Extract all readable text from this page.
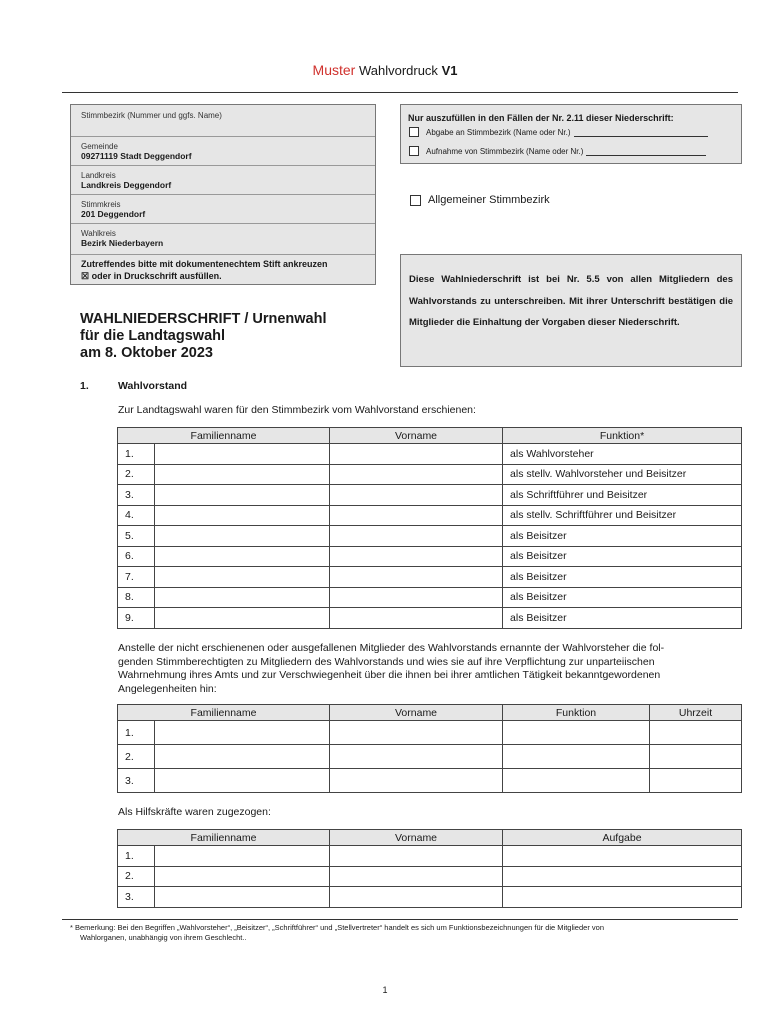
Muster Wahlvordruck V1
Stimmbezirk (Nummer und ggfs. Name)
Gemeinde
09271119 Stadt Deggendorf
Landkreis
Landkreis Deggendorf
Stimmkreis
201 Deggendorf
Wahlkreis
Bezirk Niederbayern
Zutreffendes bitte mit dokumentenechtem Stift ankreuzen
☒ oder in Druckschrift ausfüllen.
Nur auszufüllen in den Fällen der Nr. 2.11 dieser Niederschrift:
Abgabe an Stimmbezirk (Name oder Nr.)
Aufnahme von Stimmbezirk (Name oder Nr.)
Allgemeiner Stimmbezirk
Diese Wahlniederschrift ist bei Nr. 5.5 von allen Mitgliedern des Wahlvorstands zu unterschreiben. Mit ihrer Unterschrift bestätigen die Mitglieder die Einhaltung der Vorgaben dieser Niederschrift.
WAHLNIEDERSCHRIFT / Urnenwahl
für die Landtagswahl
am 8. Oktober 2023
1.	Wahlvorstand
Zur Landtagswahl waren für den Stimmbezirk vom Wahlvorstand erschienen:
Familienname		Vorname	Funktion*
1.			als Wahlvorsteher
2.			als stellv. Wahlvorsteher und Beisitzer
3.			als Schriftführer und Beisitzer
4.			als stellv. Schriftführer und Beisitzer
5.			als Beisitzer
6.			als Beisitzer
7.			als Beisitzer
8.			als Beisitzer
9.			als Beisitzer
Anstelle der nicht erschienenen oder ausgefallenen Mitglieder des Wahlvorstands ernannte der Wahlvorsteher die fol-
genden Stimmberechtigten zu Mitgliedern des Wahlvorstands und wies sie auf ihre Verpflichtung zur unparteiischen
Wahrnehmung ihres Amts und zur Verschwiegenheit über die ihnen bei ihrer amtlichen Tätigkeit bekanntgewordenen
Angelegenheiten hin:
Familienname		Vorname	Funktion	Uhrzeit
1.				
2.				
3.				
Als Hilfskräfte waren zugezogen:
Familienname		Vorname	Aufgabe
1.			
2.			
3.			
* Bemerkung: Bei den Begriffen „Wahlvorsteher“, „Beisitzer“, „Schriftführer“ und „Stellvertreter“ handelt es sich um Funktionsbezeichnungen für die Mitglieder von
Wahlorganen, unabhängig von ihrem Geschlecht..
1
